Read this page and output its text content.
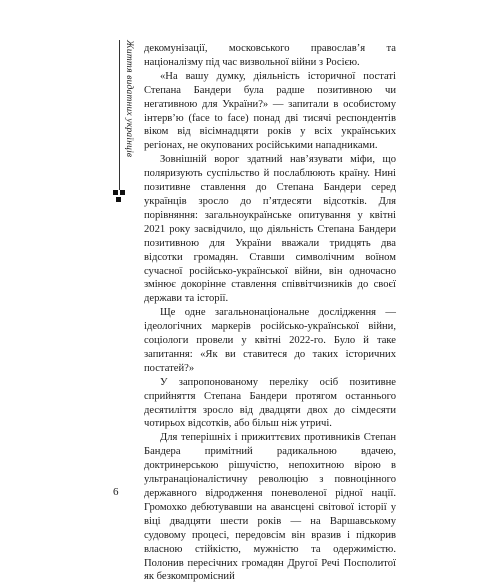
Життя видатних українців декомунізації, московського православ’я та націоналізму під час визвольної війни з Росією.

«На вашу думку, діяльність історичної постаті Степана Бандери була радше позитивною чи негативною для України?» — запитали в особистому інтерв’ю (face to face) понад дві тисячі респондентів віком від вісімнадцяти років у всіх українських регіонах, не окупованих російськими нападниками.

Зовнішній ворог здатний нав’язувати міфи, що поляризують суспільство й послаблюють країну. Нині позитивне ставлення до Степана Бандери серед українців зросло до п’ятдесяти відсотків. Для порівняння: загальноукраїнське опитування у квітні 2021 року засвідчило, що діяльність Степана Бандери позитивною для України вважали тридцять два відсотки громадян. Ставши символічним воїном сучасної російсько-української війни, він одночасно змінює докорінне ставлення співвітчизників до своєї держави та історії.

Ще одне загальнонаціональне дослідження — ідеологічних маркерів російсько-української війни, соціологи провели у квітні 2022-го. Було й таке запитання: «Як ви ставитеся до таких історичних постатей?»

У запропонованому переліку осіб позитивне сприйняття Степана Бандери протягом останнього десятиліття зросло від двадцяти двох до сімдесяти чотирьох відсотків, або більш ніж утричі.

Для теперішніх і прижиттєвих противників Степан Бандера примітний радикальною вдачею, доктринерською рішучістю, непохитною вірою в ультранаціоналістичну революцію з повноцінного державного відродження поневоленої рідної нації. Громохко дебютувавши на авансцені світової історії у віці двадцяти шести років — на Варшавському судовому процесі, передовсім він вразив і підкорив власною стійкістю, мужністю та одержимістю. Полонив пересічних громадян Другої Речі Посполитої як безкомпромісний

6
